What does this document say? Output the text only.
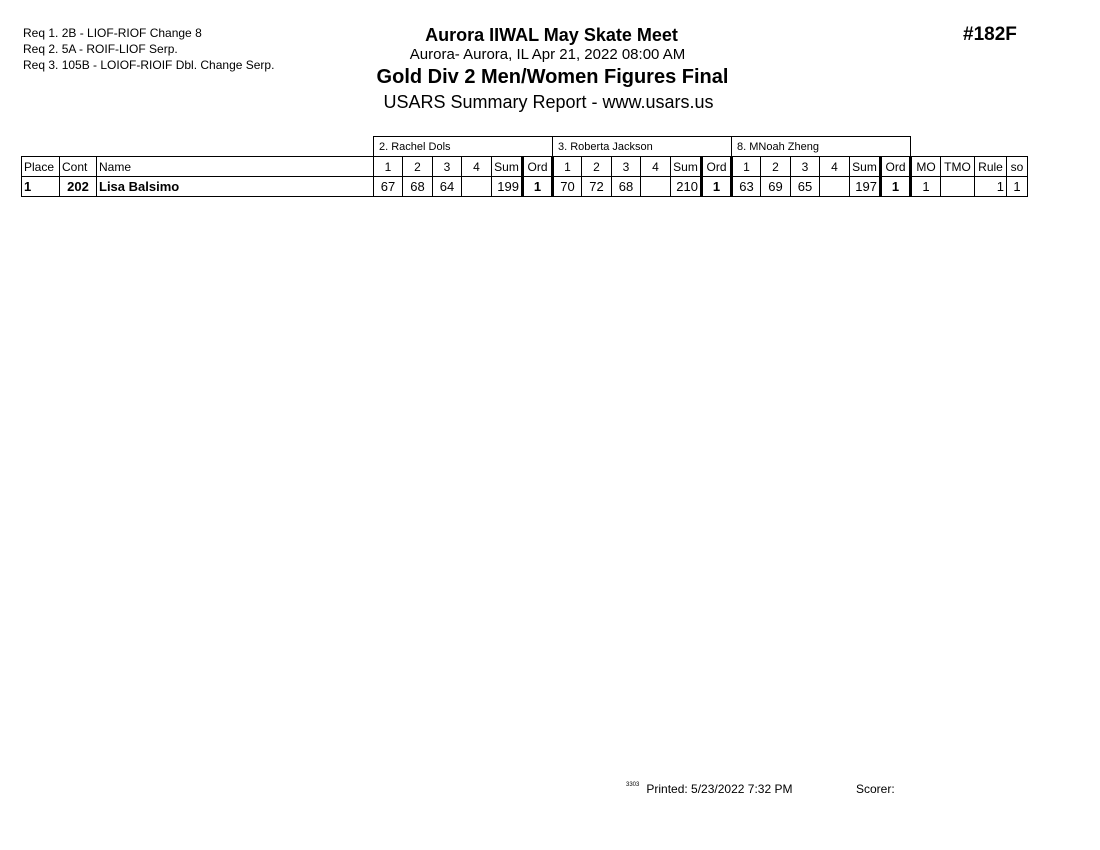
Req 1. 2B - LIOF-RIOF Change 8
Req 2. 5A - ROIF-LIOF Serp.
Req 3. 105B - LOIOF-RIOIF Dbl. Change Serp.
Aurora IIWAL May Skate Meet
Aurora- Aurora, IL Apr 21, 2022 08:00 AM
Gold Div 2 Men/Women Figures Final
USARS Summary Report - www.usars.us
#182F
			2. Rachel Dols						3. Roberta Jackson						8. MNoah Zheng									
Place	Cont	Name	1	2	3	4	Sum	Ord	1	2	3	4	Sum	Ord	1	2	3	4	Sum	Ord	MO	TMO	Rule	so
1	202	Lisa Balsimo	67	68	64		199	1	70	72	68		210	1	63	69	65		197	1	1		1	1
$^{3303}$ Printed: 5/23/2022 7:32 PM	Scorer:
